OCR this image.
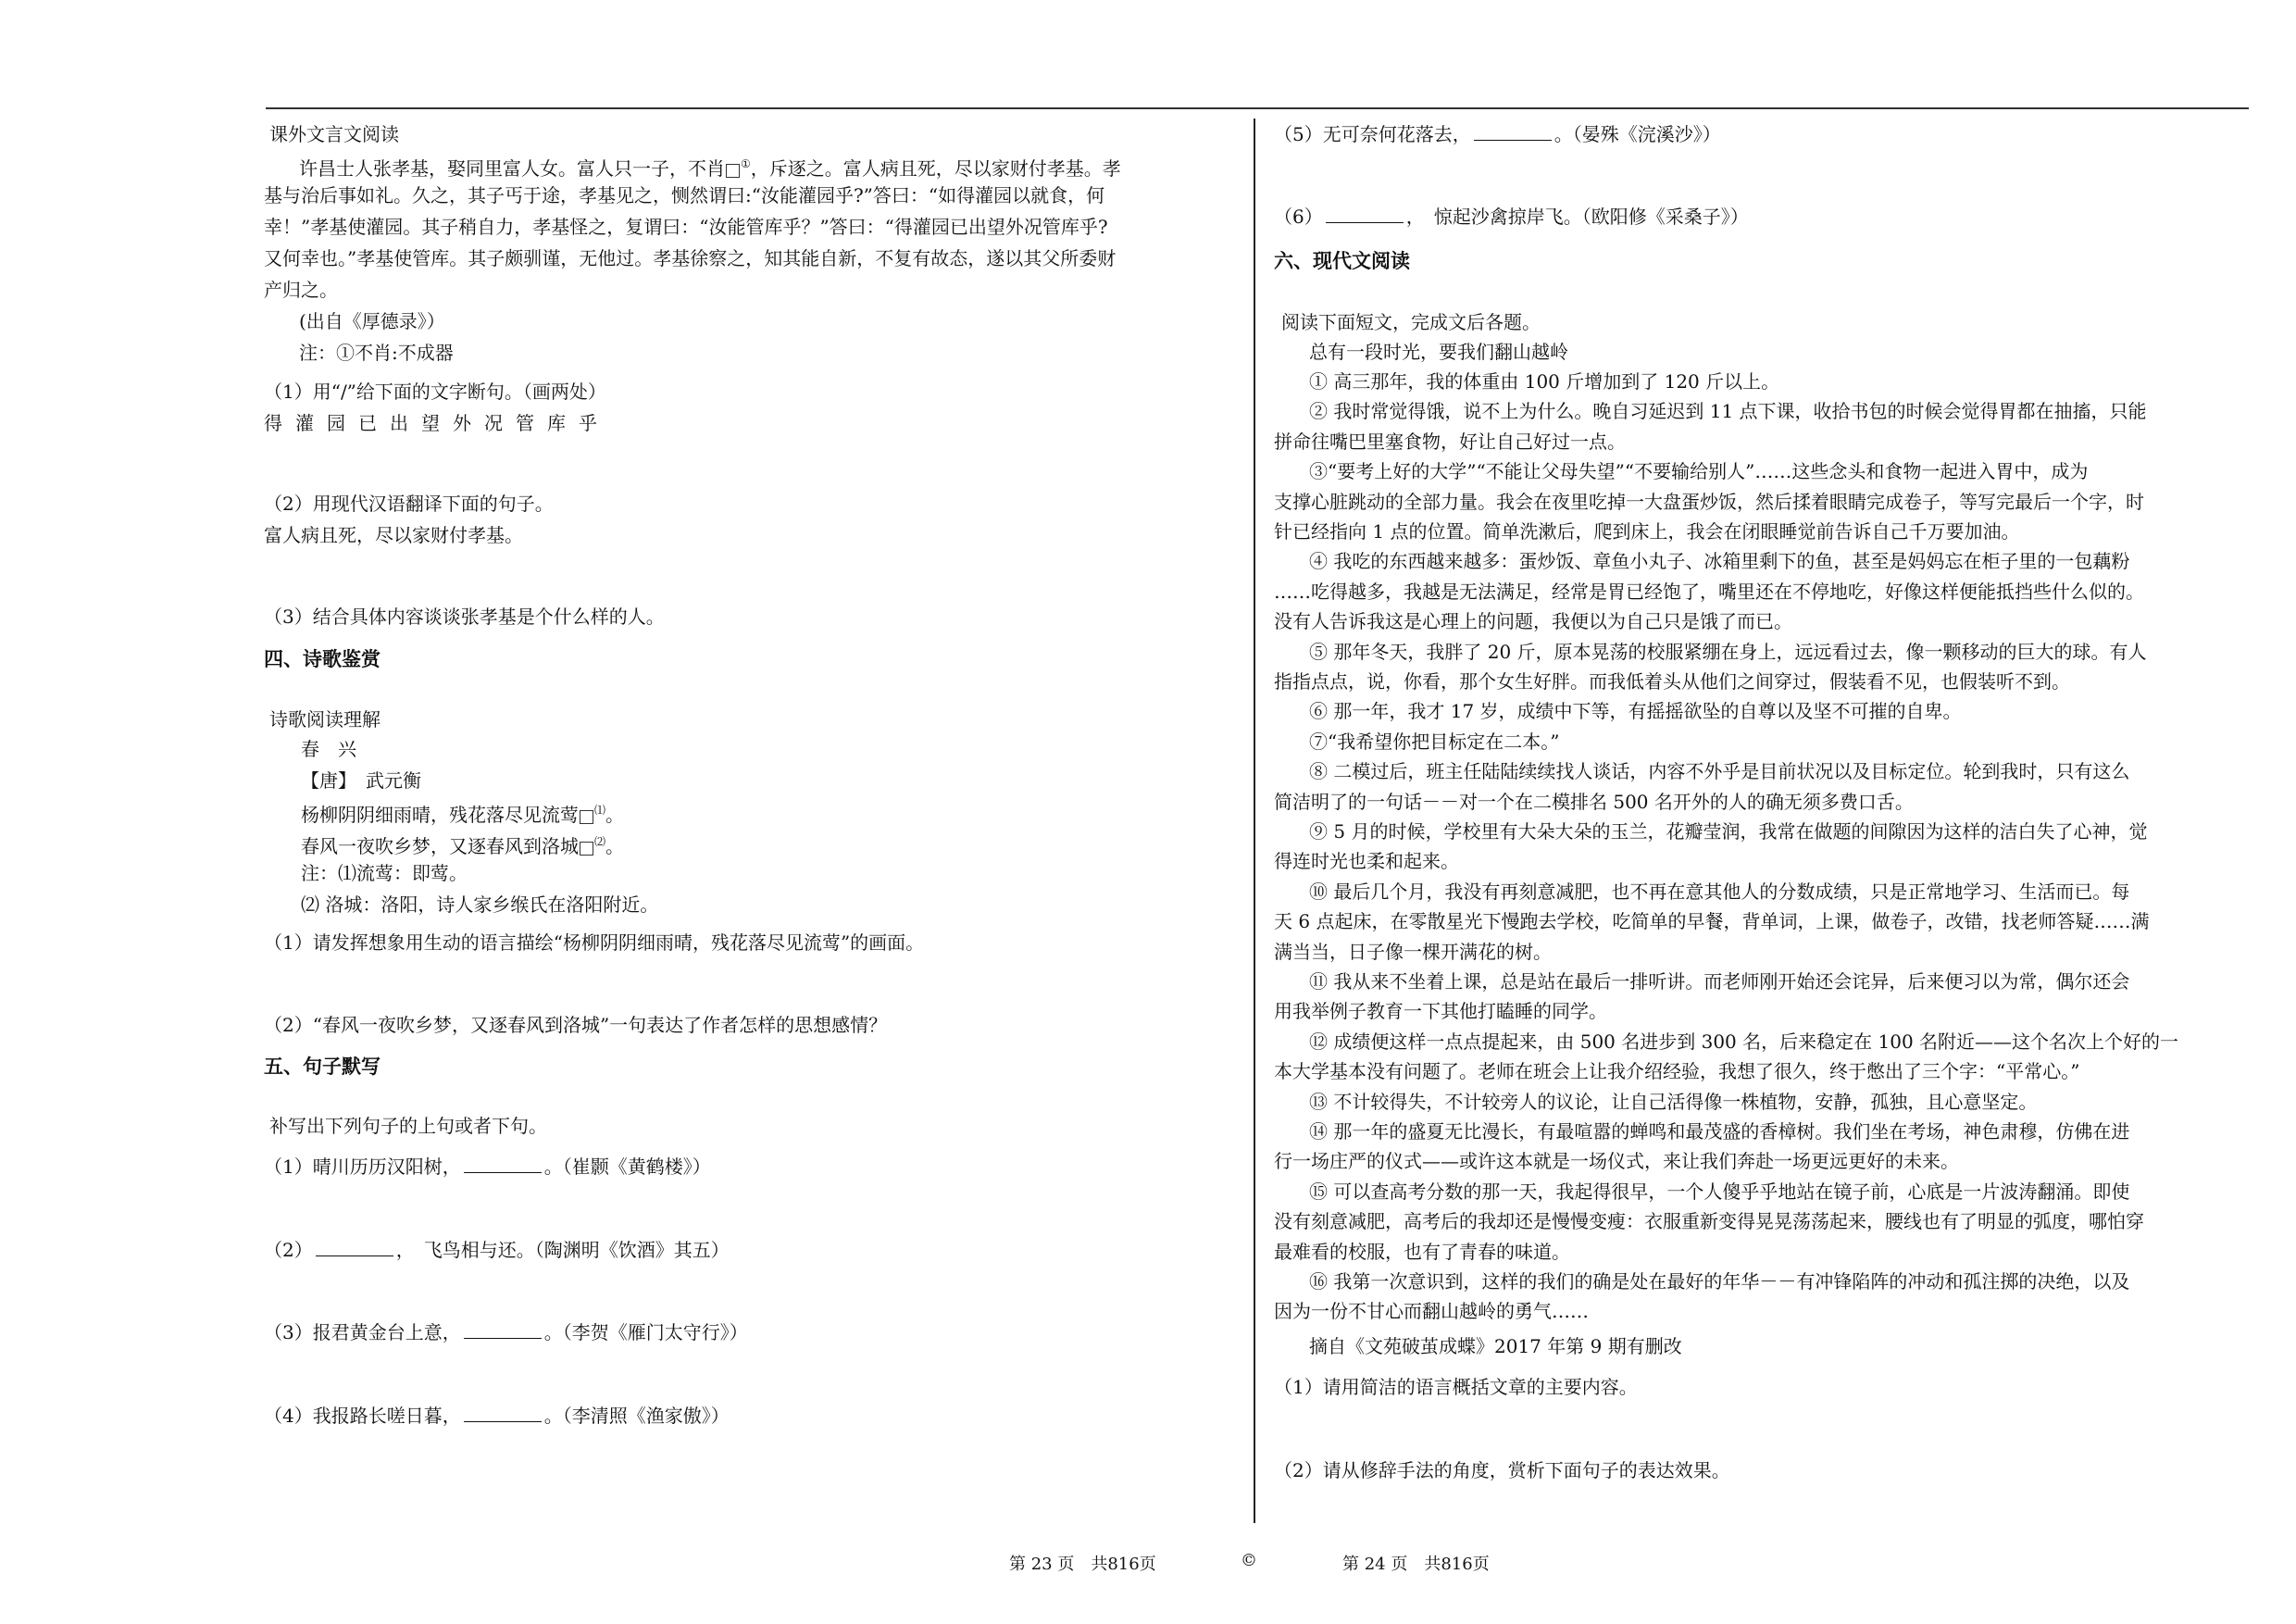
课外文言文阅读
许昌士人张孝基，娶同里富人女。富人只一子，不肖 ①，斥逐之。富人病且死，尽以家财付孝基。孝
基与治后事如礼。久之，其子丐于途，孝基见之，恻然谓曰:“汝能灌园乎?”答曰：“如得灌园以就食，何
幸！”孝基使灌园。其子稍自力，孝基怪之，复谓曰：“汝能管库乎？”答曰：“得灌园已出望外况管库乎?
又何幸也。”孝基使管库。其子颇驯谨，无他过。孝基徐察之，知其能自新，不复有故态，遂以其父所委财
产归之。
(出自《厚德录》）
注：①不肖:不成器
（1）用“/”给下面的文字断句。（画两处）
得灌园已出望外况管库乎
（2）用现代汉语翻译下面的句子。
富人病且死，尽以家财付孝基。
（3）结合具体内容谈谈张孝基是个什么样的人。
四、诗歌鉴赏
诗歌阅读理解
春　兴
【唐】　武元衡
杨柳阴阴细雨晴，残花落尽见流莺 ⑴。
春风一夜吹乡梦，又逐春风到洛城 ⑵。
注：⑴流莺：即莺。
⑵ 洛城：洛阳，诗人家乡缑氏在洛阳附近。
（1）请发挥想象用生动的语言描绘“杨柳阴阴细雨晴，残花落尽见流莺”的画面。
（2）“春风一夜吹乡梦，又逐春风到洛城”一句表达了作者怎样的思想感情？
五、句子默写
补写出下列句子的上句或者下句。
（1）晴川历历汉阳树，	。（崔颢《黄鹤楼》）
（2）	，　飞鸟相与还。（陶渊明《饮酒》其五）
（3）报君黄金台上意，	。（李贺《雁门太守行》）
（4）我报路长嗟日暮，	。（李清照《渔家傲》）
（5）无可奈何花落去，	。（晏殊《浣溪沙》）
（6）	，　惊起沙禽掠岸飞。（欧阳修《采桑子》）
六、现代文阅读
阅读下面短文，完成文后各题。
总有一段时光，要我们翻山越岭
① 高三那年，我的体重由 100 斤增加到了 120 斤以上。
② 我时常觉得饿，说不上为什么。晚自习延迟到 11 点下课，收拾书包的时候会觉得胃都在抽搐，只能
拼命往嘴巴里塞食物，好让自己好过一点。
③“要考上好的大学”“不能让父母失望”“不要输给别人”……这些念头和食物一起进入胃中，成为
支撑心脏跳动的全部力量。我会在夜里吃掉一大盘蛋炒饭，然后揉着眼睛完成卷子，等写完最后一个字，时
针已经指向 1 点的位置。简单洗漱后，爬到床上，我会在闭眼睡觉前告诉自己千万要加油。
④ 我吃的东西越来越多：蛋炒饭、章鱼小丸子、冰箱里剩下的鱼，甚至是妈妈忘在柜子里的一包藕粉
……吃得越多，我越是无法满足，经常是胃已经饱了，嘴里还在不停地吃，好像这样便能抵挡些什么似的。
没有人告诉我这是心理上的问题，我便以为自己只是饿了而已。
⑤ 那年冬天，我胖了 20 斤，原本晃荡的校服紧绷在身上，远远看过去，像一颗移动的巨大的球。有人
指指点点，说，你看，那个女生好胖。而我低着头从他们之间穿过，假装看不见，也假装听不到。
⑥ 那一年，我才 17 岁，成绩中下等，有摇摇欲坠的自尊以及坚不可摧的自卑。
⑦“我希望你把目标定在二本。”
⑧ 二模过后，班主任陆陆续续找人谈话，内容不外乎是目前状况以及目标定位。轮到我时，只有这么
简洁明了的一句话－－对一个在二模排名 500 名开外的人的确无须多费口舌。
⑨ 5 月的时候，学校里有大朵大朵的玉兰，花瓣莹润，我常在做题的间隙因为这样的洁白失了心神，觉
得连时光也柔和起来。
⑩ 最后几个月，我没有再刻意减肥，也不再在意其他人的分数成绩，只是正常地学习、生活而已。每
天 6 点起床，在零散星光下慢跑去学校，吃简单的早餐，背单词，上课，做卷子，改错，找老师答疑……满
满当当，日子像一棵开满花的树。
⑪ 我从来不坐着上课，总是站在最后一排听讲。而老师刚开始还会诧异，后来便习以为常，偶尔还会
用我举例子教育一下其他打瞌睡的同学。
⑫ 成绩便这样一点点提起来，由 500 名进步到 300 名，后来稳定在 100 名附近——这个名次上个好的一
本大学基本没有问题了。老师在班会上让我介绍经验，我想了很久，终于憋出了三个字：“平常心。”
⑬ 不计较得失，不计较旁人的议论，让自己活得像一株植物，安静，孤独，且心意坚定。
⑭ 那一年的盛夏无比漫长，有最喧嚣的蝉鸣和最茂盛的香樟树。我们坐在考场，神色肃穆，仿佛在进
行一场庄严的仪式——或许这本就是一场仪式，来让我们奔赴一场更远更好的未来。
⑮ 可以查高考分数的那一天，我起得很早，一个人傻乎乎地站在镜子前，心底是一片波涛翻涌。即使
没有刻意减肥，高考后的我却还是慢慢变瘦：衣服重新变得晃晃荡荡起来，腰线也有了明显的弧度，哪怕穿
最难看的校服，也有了青春的味道。
⑯ 我第一次意识到，这样的我们的确是处在最好的年华－－有冲锋陷阵的冲动和孤注掷的决绝，以及
因为一份不甘心而翻山越岭的勇气……
摘自《文苑破茧成蝶》2017 年第 9 期有删改
（1）请用简洁的语言概括文章的主要内容。
（2）请从修辞手法的角度，赏析下面句子的表达效果。
第 23 页　共816页	©	第 24 页　共816页
